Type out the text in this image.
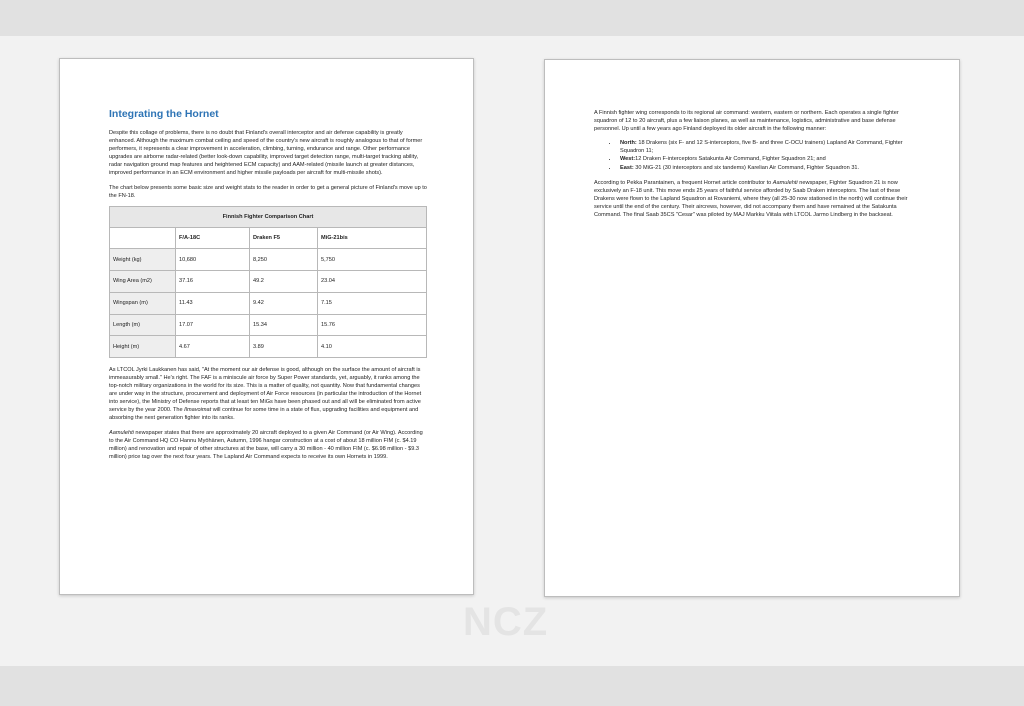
Integrating the Hornet

Despite this collage of problems, there is no doubt that Finland's overall interceptor and air defense capability is greatly enhanced. Although the maximum combat ceiling and speed of the country's new aircraft is roughly analogous to that of former performers, it represents a clear improvement in acceleration, climbing, turning, endurance and range. Other performance upgrades are airborne radar-related (better look-down capability, improved target detection range, multi-target tracking ability, radar navigation ground map features and heightened ECM capacity) and AAM-related (missile launch at greater distances, improved performance in an ECM environment and higher missile payloads per aircraft for multi-missile shots).

The chart below presents some basic size and weight stats to the reader in order to get a general picture of Finland's move up to the FN-18.

Finnish Fighter Comparison Chart			
	F/A-18C	Draken F5	MiG-21bis
Weight (kg)	10,680	8,250	5,750
Wing Area (m2)	37.16	49.2	23.04
Wingspan (m)	11.43	9.42	7.15
Length (m)	17.07	15.34	15.76
Height (m)	4.67	3.89	4.10

As LTCOL Jyrki Laukkanen has said, "At the moment our air defense is good, although on the surface the amount of aircraft is immeasurably small." He's right. The FAF is a miniscule air force by Super Power standards, yet, arguably, it ranks among the top-notch military organizations in the world for its size. This is a matter of quality, not quantity. Now that fundamental changes are under way in the structure, procurement and deployment of Air Force resources (in particular the introduction of the Hornet into service), the Ministry of Defense reports that at least ten MiGs have been phased out and all will be eliminated from active service by the year 2000. The Ilmavoimat will continue for some time in a state of flux, upgrading facilities and equipment and absorbing the next generation fighter into its ranks.

Aamulehti newspaper states that there are approximately 20 aircraft deployed to a given Air Command (or Air Wing). According to the Air Command HQ CO Hannu Myöhänen, Autumn, 1996 hangar construction at a cost of about 18 million FIM (c. $4.19 million) and renovation and repair of other structures at the base, will carry a 30 million - 40 million FIM (c. $6.98 million - $9.3 million) price tag over the next four years. The Lapland Air Command expects to receive its own Hornets in 1999.

A Finnish fighter wing corresponds to its regional air command: western, eastern or northern. Each operates a single fighter squadron of 12 to 20 aircraft, plus a few liaison planes, as well as maintenance, logistics, administrative and base defense personnel. Up until a few years ago Finland deployed its older aircraft in the following manner:

• North: 18 Drakens (six F- and 12 S-interceptors, five B- and three C-OCU trainers) Lapland Air Command, Fighter Squadron 11;
• West:12 Draken F-interceptors Satakunta Air Command, Fighter Squadron 21; and
• East: 30 MiG-21 (30 interceptors and six tandems) Karelian Air Command, Fighter Squadron 31.

According to Pekka Parantainen, a frequent Hornet article contributor to Aamulehti newspaper, Fighter Squadron 21 is now exclusively an F-18 unit. This move ends 25 years of faithful service afforded by Saab Draken interceptors. The last of these Drakens were flown to the Lapland Squadron at Rovaniemi, where they (all 25-30 now stationed in the north) will continue their service until the end of the century. Their aircrews, however, did not accompany them and have remained at the Satakunta Command. The final Saab 35CS "Cesar" was piloted by MAJ Markku Viitala with LTCOL Jarmo Lindberg in the backseat.

NCZ
